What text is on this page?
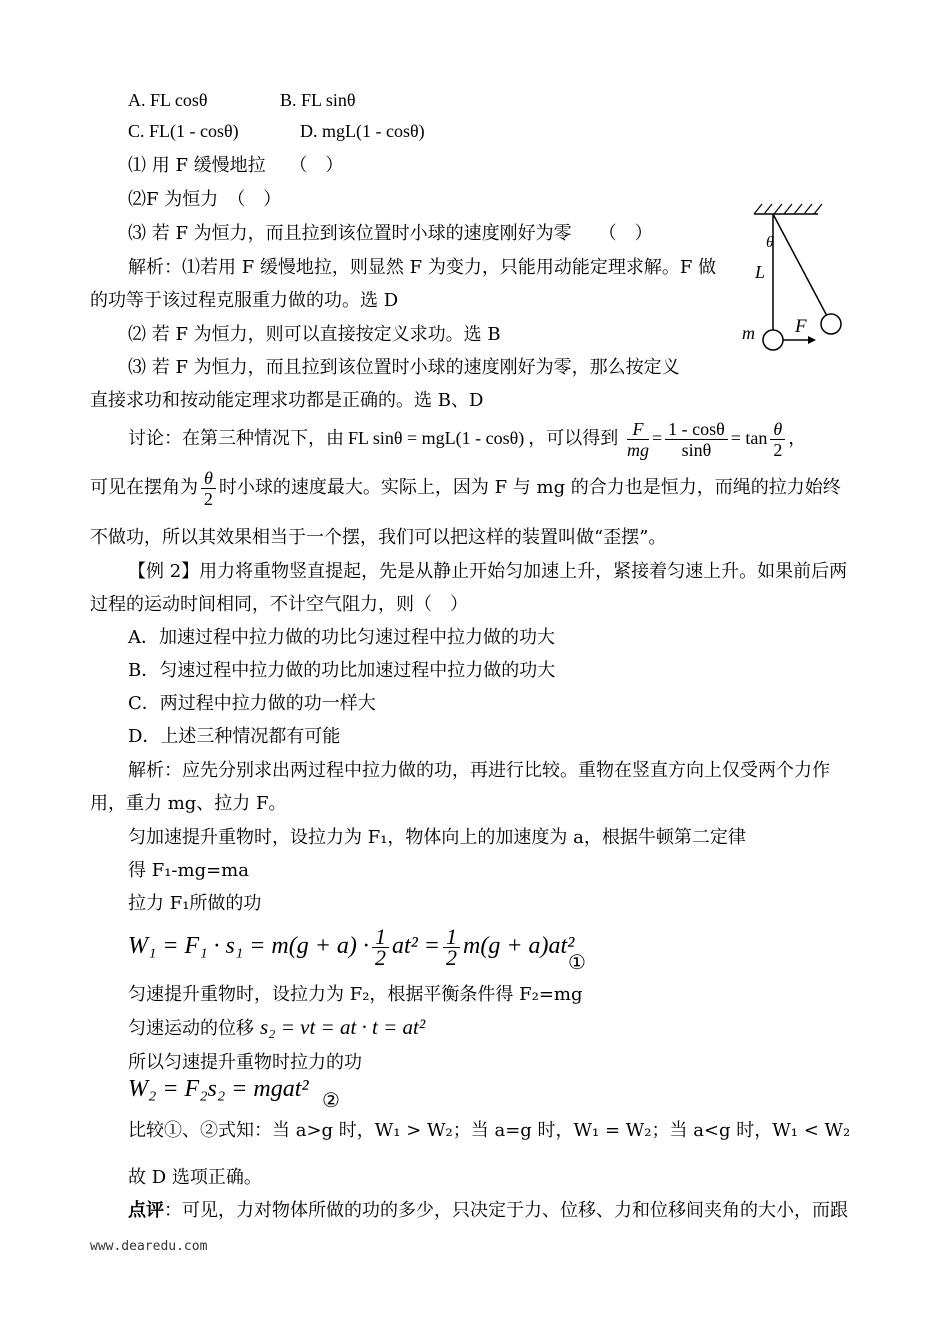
A. FL cosθ	B. FL sinθ
C. FL(1 - cosθ)	D. mgL(1 - cosθ)
⑴ 用 F 缓慢地拉　 （　）
⑵F 为恒力　（　）
⑶ 若 F 为恒力，而且拉到该位置时小球的速度刚好为零　　（　）
解析：⑴若用 F 缓慢地拉，则显然 F 为变力，只能用动能定理求解。F 做
的功等于该过程克服重力做的功。选 D
⑵ 若 F 为恒力，则可以直接按定义求功。选 B
⑶ 若 F 为恒力，而且拉到该位置时小球的速度刚好为零，那么按定义
直接求功和按动能定理求功都是正确的。选 B、D
θ
L
m F
讨论：在第三种情况下，由 FL sinθ = mgL(1 - cosθ) ，可以得到 $\frac{F}{mg} = \frac{1 - \cos\theta}{\sin\theta} = \tan \frac{\theta}{2}$ ，
可见在摆角为 $\frac{\theta}{2}$ 时小球的速度最大。实际上，因为 F 与 mg 的合力也是恒力，而绳的拉力始终
不做功，所以其效果相当于一个摆，我们可以把这样的装置叫做“歪摆”。
【例 2】用力将重物竖直提起，先是从静止开始匀加速上升，紧接着匀速上升。如果前后两
过程的运动时间相同，不计空气阻力，则（　）
A．加速过程中拉力做的功比匀速过程中拉力做的功大
B．匀速过程中拉力做的功比加速过程中拉力做的功大
C．两过程中拉力做的功一样大
D．上述三种情况都有可能
解析：应先分别求出两过程中拉力做的功，再进行比较。重物在竖直方向上仅受两个力作
用，重力 mg、拉力 F。
匀加速提升重物时，设拉力为 F₁，物体向上的加速度为 a，根据牛顿第二定律
得 F₁-mg=ma
拉力 F₁所做的功
$W_1 = F_1 \cdot s_1 = m(g + a) \cdot \frac{1}{2} at^2 = \frac{1}{2} m(g + a)at^2$
①
匀速提升重物时，设拉力为 F₂，根据平衡条件得 F₂=mg
匀速运动的位移 s₂ = vt = at · t = at²
所以匀速提升重物时拉力的功
W₂ = F₂s₂ = mgat² ②
比较①、②式知：当 a>g 时，W₁ > W₂；当 a=g 时，W₁ = W₂；当 a<g 时，W₁ < W₂
故 D 选项正确。
点评：可见，力对物体所做的功的多少，只决定于力、位移、力和位移间夹角的大小，而跟
www.dearedu.com
